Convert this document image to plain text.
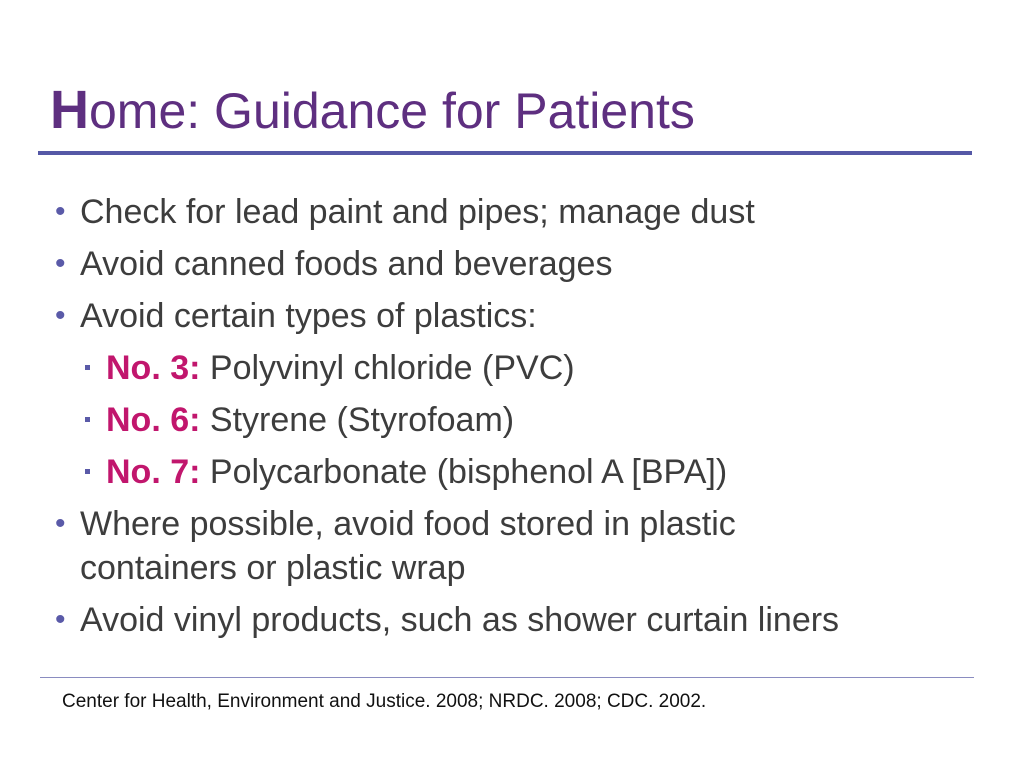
Home: Guidance for Patients
• Check for lead paint and pipes; manage dust
• Avoid canned foods and beverages
• Avoid certain types of plastics:
No. 3: Polyvinyl chloride (PVC)
No. 6: Styrene (Styrofoam)
No. 7: Polycarbonate (bisphenol A [BPA])
• Where possible, avoid food stored in plastic
containers or plastic wrap
• Avoid vinyl products, such as shower curtain liners
Center for Health, Environment and Justice. 2008; NRDC. 2008; CDC. 2002.
